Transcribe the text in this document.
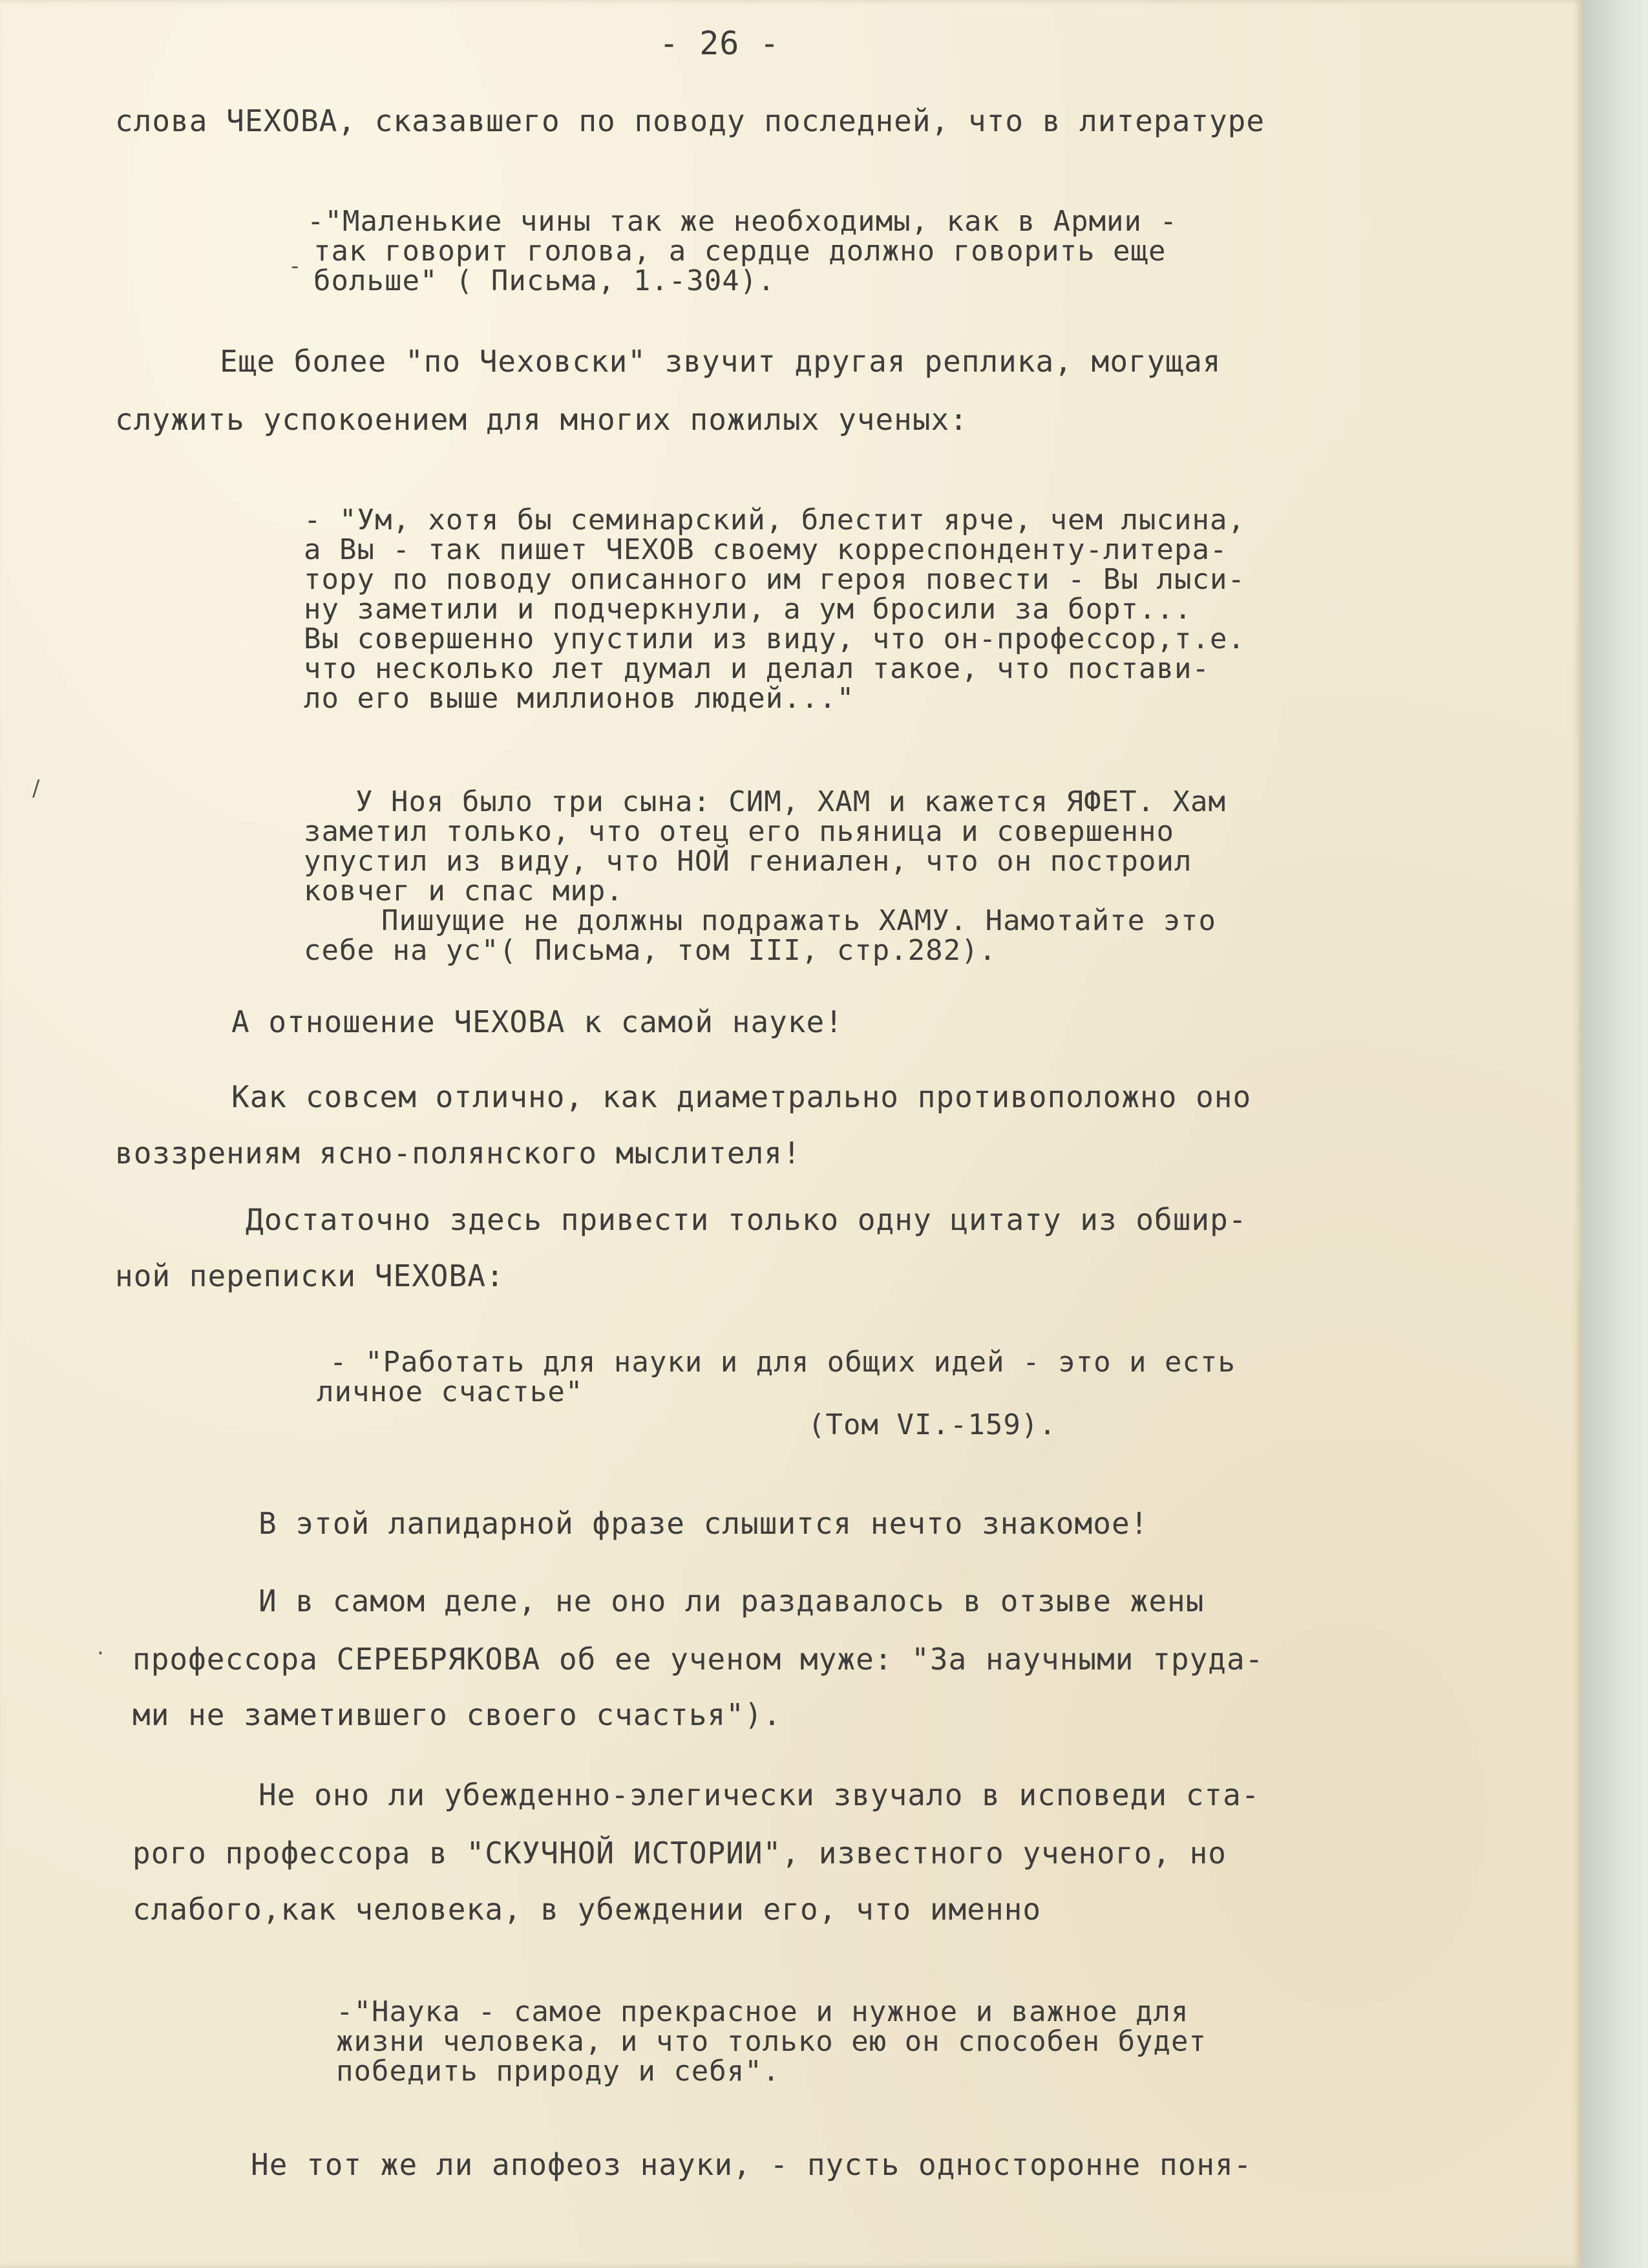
- 26 -
слова ЧЕХОВА, сказавшего по поводу последней, что в литературе
-"Маленькие чины так же необходимы, как в Армии -
так говорит голова, а сердце должно говорить еще
больше" ( Письма, 1.-304).
Еще более "по Чеховски" звучит другая реплика, могущая
служить успокоением для многих пожилых ученых:
- "Ум, хотя бы семинарский, блестит ярче, чем лысина,
а Вы - так пишет ЧЕХОВ своему корреспонденту-литера-
тору по поводу описанного им героя повести - Вы лыси-
ну заметили и подчеркнули, а ум бросили за борт...
Вы совершенно упустили из виду, что он-профессор,т.е.
что несколько лет думал и делал такое, что постави-
ло его выше миллионов людей..."
У Ноя было три сына: СИМ, ХАМ и кажется ЯФЕТ. Хам
заметил только, что отец его пьяница и совершенно
упустил из виду, что НОЙ гениален, что он построил
ковчег и спас мир.
Пишущие не должны подражать ХАМУ. Намотайте это
себе на ус"( Письма, том III, стр.282).
А отношение ЧЕХОВА к самой науке!
Как совсем отлично, как диаметрально противоположно оно
воззрениям ясно-полянского мыслителя!
Достаточно здесь привести только одну цитату из обшир-
ной переписки ЧЕХОВА:
- "Работать для науки и для общих идей - это и есть
личное счастье"
(Том VI.-159).
В этой лапидарной фразе слышится нечто знакомое!
И в самом деле, не оно ли раздавалось в отзыве жены
профессора СЕРЕБРЯКОВА об ее ученом муже: "За научными труда-
ми не заметившего своего счастья").
Не оно ли убежденно-элегически звучало в исповеди ста-
рого профессора в "СКУЧНОЙ ИСТОРИИ", известного ученого, но
слабого,как человека, в убеждении его, что именно
-"Наука - самое прекрасное и нужное и важное для
жизни человека, и что только ею он способен будет
победить природу и себя".
Не тот же ли апофеоз науки, - пусть односторонне поня-
-
/
·
